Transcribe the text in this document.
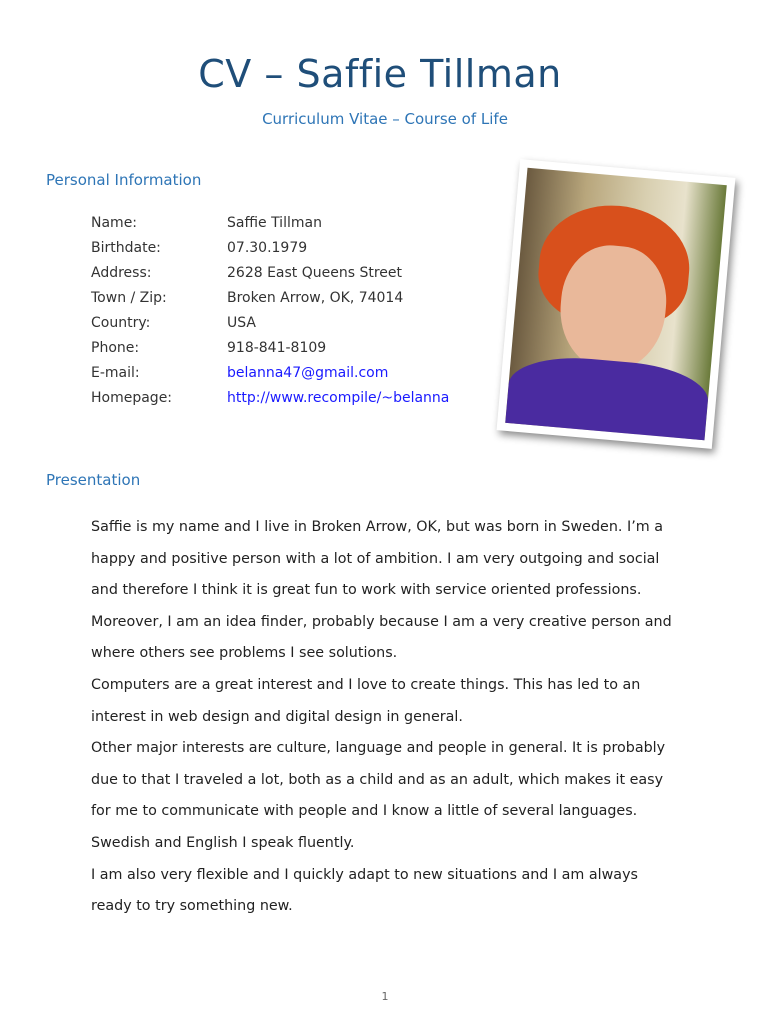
CV – Saffie Tillman
Curriculum Vitae – Course of Life
Personal Information
Name:	Saffie Tillman
Birthdate:	07.30.1979
Address:	2628 East Queens Street
Town / Zip:	Broken Arrow, OK, 74014
Country:	USA
Phone:	918-841-8109
E-mail:	belanna47@gmail.com
Homepage:	http://www.recompile/~belanna
Presentation
Saffie is my name and I live in Broken Arrow, OK, but was born in Sweden. I’m a
happy and positive person with a lot of ambition. I am very outgoing and social
and therefore I think it is great fun to work with service oriented professions.
Moreover, I am an idea finder, probably because I am a very creative person and
where others see problems I see solutions.
Computers are a great interest and I love to create things. This has led to an
interest in web design and digital design in general.
Other major interests are culture, language and people in general. It is probably
due to that I traveled a lot, both as a child and as an adult, which makes it easy
for me to communicate with people and I know a little of several languages.
Swedish and English I speak fluently.
I am also very flexible and I quickly adapt to new situations and I am always
ready to try something new.
1
